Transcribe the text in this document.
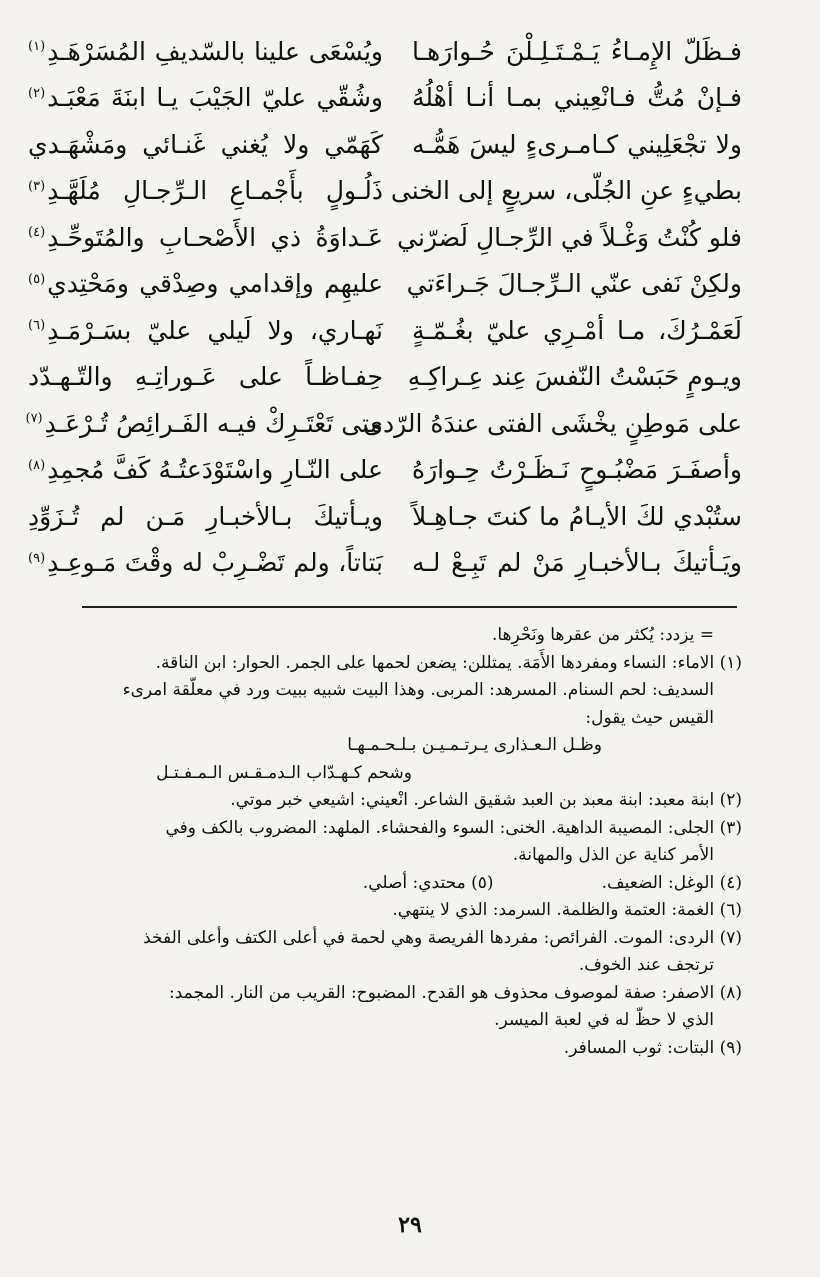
فـظَلّ الإِمـاءُ يَـمْـتَـلِـلْنَ حُـوارَهـا
ويُسْعَى علينا بالسّديفِ المُسَرْهَـدِ$^{(١)}$
فـإنْ مُتُّ فـانْعِيني بمـا أنـا أهْلُهُ
وشُقّي عليّ الجَيْبَ يـا ابنَةَ مَعْبَـد$^{(٢)}$
ولا تجْعَلِيني كـامـرىءٍ ليسَ هَمُّـه
كَهَمّي ولا يُغني غَنـائي ومَشْهَـدي
بطيءٍ عنِ الجُلّى، سريعٍ إلى الخنى
ذَلُـولٍ بأَجْمـاعِ الـرِّجـالِ مُلَهَّـدِ$^{(٣)}$
فلو كُنْتُ وَغْـلاً في الرِّجـالِ لَضرّني
عَـداوَةُ ذي الأَصْحـابِ والمُتَوحِّـدِ$^{(٤)}$
ولكِنْ نَفى عنّي الـرِّجـالَ جَـراءَتي
عليهِم وإقدامي وصِدْقي ومَحْتِدي$^{(٥)}$
لَعَمْـرُكَ، مـا أمْـرِي عليّ بغُـمّـةٍ
نَهـاري، ولا لَيلي عليّ بسَـرْمَـدِ$^{(٦)}$
ويـومٍ حَبَسْتُ النّفسَ عِند عِـراكِـهِ
حِفـاظـاً على عَـوراتِـهِ والتّـهـدّد
على مَوطِنٍ يخْشَى الفتى عندَهُ الرّدى
متى تَعْتَـرِكْ فيـه الفَـرائِصُ تُـرْعَـدِ$^{(٧)}$
وأصفَـرَ مَضْبُـوحٍ نَـظَـرْتُ حِـوارَهُ
على النّـارِ واسْتَوْدَعتُـهُ كَفَّ مُجمِدِ$^{(٨)}$
ستُبْدي لكَ الأيـامُ ما كنتَ جـاهِـلاً
ويـأتيكَ بـالأخبـارِ مَـن لم تُـزَوِّدِ
ويَـأتيكَ بـالأخبـارِ مَنْ لم تَبِـعْ لـه
بَتاتاً، ولم تَضْـرِبْ له وقْتَ مَـوعِـدِ$^{(٩)}$
= يزدد: يُكثر من عقرها ونَحْرِها.
(١) الاماء: النساء ومفردها الأَمَة. يمتللن: يضعن لحمها على الجمر. الحوار: ابن الناقة.
السديف: لحم السنام. المسرهد: المربى. وهذا البيت شبيه ببيت ورد في معلّقة امرىء
القيس حيث يقول:
وظـل الـعـذارى يـرتـمـيـن بـلـحـمـهـا
وشحم كـهـدّاب الـدمـقـس الـمـفـتـل
(٢) ابنة معبد: ابنة معبد بن العبد شقيق الشاعر. انْعيني: اشيعي خبر موتي.
(٣) الجلى: المصيبة الداهية. الخنى: السوء والفحشاء. الملهد: المضروب بالكف وفي
الأمر كناية عن الذل والمهانة.
(٤) الوغل: الضعيف.                    (٥) محتدي: أصلي.
(٦) الغمة: العتمة والظلمة. السرمد: الذي لا ينتهي.
(٧) الردى: الموت. الفرائص: مفردها الفريصة وهي لحمة في أعلى الكتف وأعلى الفخذ
ترتجف عند الخوف.
(٨) الاصفر: صفة لموصوف محذوف هو القدح. المضبوح: القريب من النار. المجمد:
الذي لا حظّ له في لعبة الميسر.
(٩) البتات: ثوب المسافر.
٢٩
